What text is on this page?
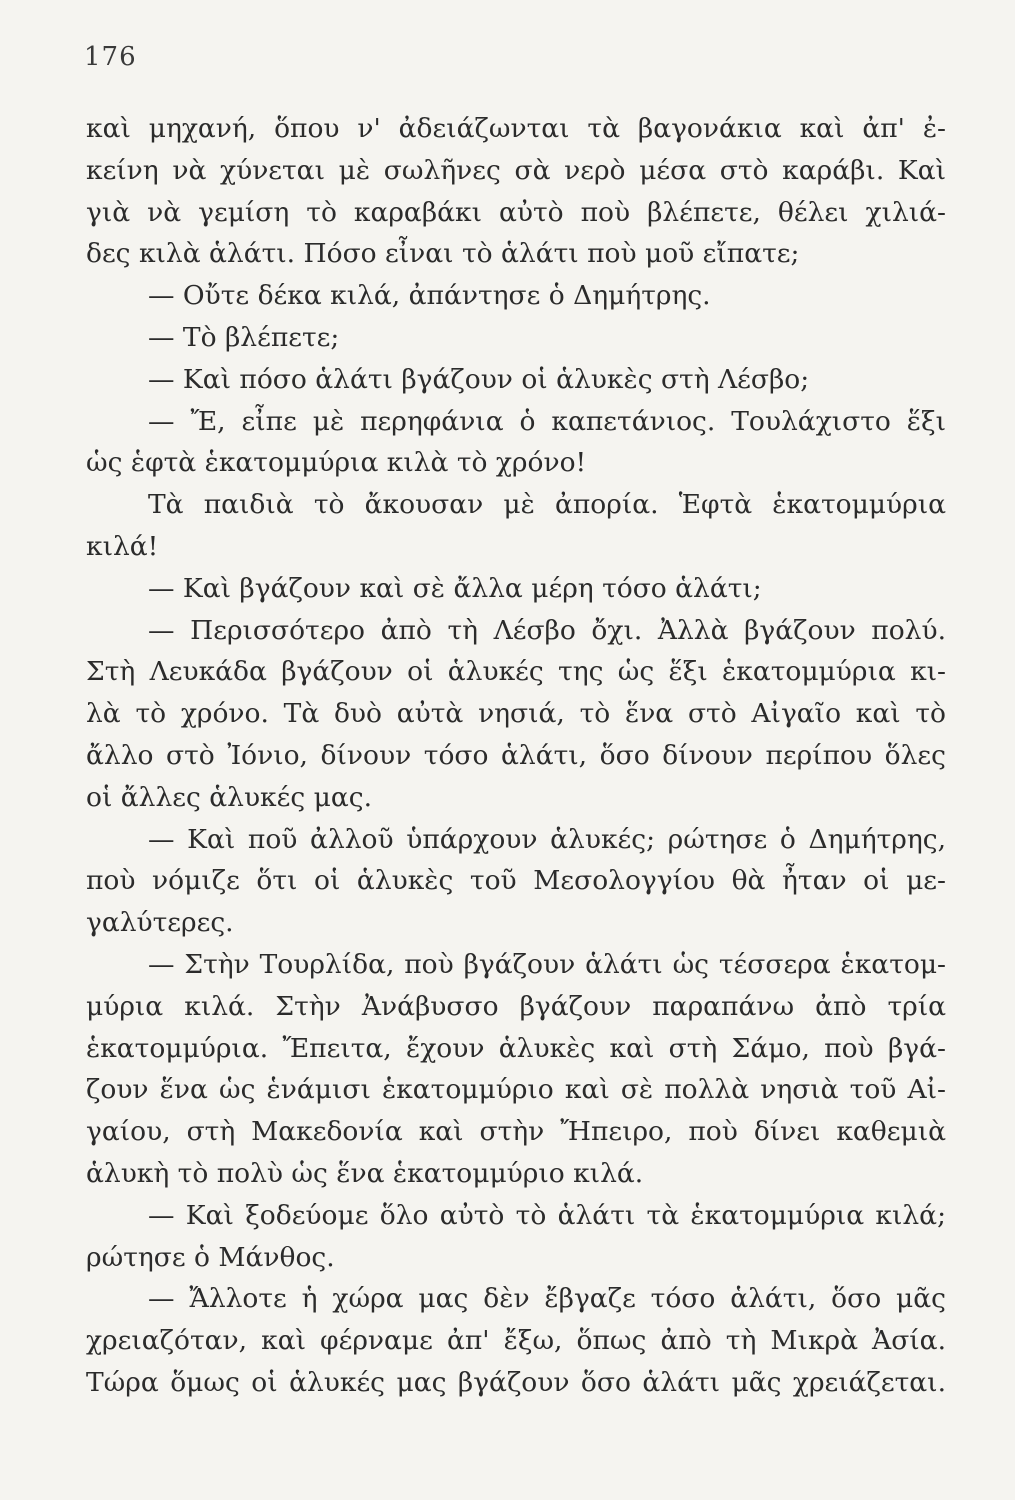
176
καὶ μηχανή, ὅπου ν' ἀδειάζωνται τὰ βαγονάκια καὶ ἀπ' ἐ-
κείνη νὰ χύνεται μὲ σωλῆνες σὰ νερὸ μέσα στὸ καράβι. Καὶ
γιὰ νὰ γεμίση τὸ καραβάκι αὐτὸ ποὺ βλέπετε, θέλει χιλιά-
δες κιλὰ ἁλάτι. Πόσο εἶναι τὸ ἁλάτι ποὺ μοῦ εἴπατε;
— Οὔτε δέκα κιλά, ἀπάντησε ὁ Δημήτρης.
— Τὸ βλέπετε;
— Καὶ πόσο ἁλάτι βγάζουν οἱ ἁλυκὲς στὴ Λέσβο;
— Ἔ, εἶπε μὲ περηφάνια ὁ καπετάνιος. Τουλάχιστο ἕξι
ὡς ἑφτὰ ἑκατομμύρια κιλὰ τὸ χρόνο!
Τὰ παιδιὰ τὸ ἄκουσαν μὲ ἀπορία. Ἑφτὰ ἑκατομμύρια
κιλά!
— Καὶ βγάζουν καὶ σὲ ἄλλα μέρη τόσο ἁλάτι;
— Περισσότερο ἀπὸ τὴ Λέσβο ὄχι. Ἀλλὰ βγάζουν πολύ.
Στὴ Λευκάδα βγάζουν οἱ ἁλυκές της ὡς ἕξι ἑκατομμύρια κι-
λὰ τὸ χρόνο. Τὰ δυὸ αὐτὰ νησιά, τὸ ἕνα στὸ Αἰγαῖο καὶ τὸ
ἄλλο στὸ Ἰόνιο, δίνουν τόσο ἁλάτι, ὅσο δίνουν περίπου ὅλες
οἱ ἄλλες ἁλυκές μας.
— Καὶ ποῦ ἀλλοῦ ὑπάρχουν ἁλυκές; ρώτησε ὁ Δημήτρης,
ποὺ νόμιζε ὅτι οἱ ἁλυκὲς τοῦ Μεσολογγίου θὰ ἦταν οἱ με-
γαλύτερες.
— Στὴν Τουρλίδα, ποὺ βγάζουν ἁλάτι ὡς τέσσερα ἑκατομ-
μύρια κιλά. Στὴν Ἀνάβυσσο βγάζουν παραπάνω ἀπὸ τρία
ἑκατομμύρια. Ἔπειτα, ἔχουν ἁλυκὲς καὶ στὴ Σάμο, ποὺ βγά-
ζουν ἕνα ὡς ἑνάμισι ἑκατομμύριο καὶ σὲ πολλὰ νησιὰ τοῦ Αἰ-
γαίου, στὴ Μακεδονία καὶ στὴν Ἤπειρο, ποὺ δίνει καθεμιὰ
ἁλυκὴ τὸ πολὺ ὡς ἕνα ἑκατομμύριο κιλά.
— Καὶ ξοδεύομε ὅλο αὐτὸ τὸ ἁλάτι τὰ ἑκατομμύρια κιλά;
ρώτησε ὁ Μάνθος.
— Ἄλλοτε ἡ χώρα μας δὲν ἔβγαζε τόσο ἁλάτι, ὅσο μᾶς
χρειαζόταν, καὶ φέρναμε ἀπ' ἔξω, ὅπως ἀπὸ τὴ Μικρὰ Ἀσία.
Τώρα ὅμως οἱ ἁλυκές μας βγάζουν ὅσο ἁλάτι μᾶς χρειάζεται.
